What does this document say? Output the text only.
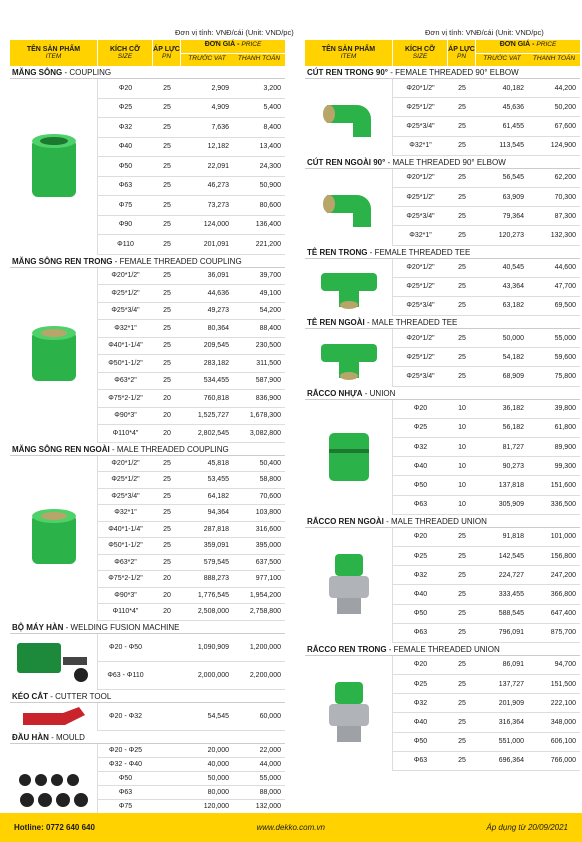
Đơn vị tính: VNĐ/cái (Unit: VND/pc)	Đơn vị tính: VNĐ/cái (Unit: VND/pc)
TÊN SẢN PHẨM
ITEM
KÍCH CỠ
SIZE
ÁP LỰC
PN
ĐƠN GIÁ - PRICE
TRƯỚC VAT	THANH TOÁN
MĂNG SÔNG - COUPLING
Φ20	25	2,909	3,200
Φ25	25	4,909	5,400
Φ32	25	7,636	8,400
Φ40	25	12,182	13,400
Φ50	25	22,091	24,300
Φ63	25	46,273	50,900
Φ75	25	73,273	80,600
Φ90	25	124,000	136,400
Φ110	25	201,091	221,200
MĂNG SÔNG REN TRONG - FEMALE THREADED COUPLING
Φ20*1/2"	25	36,091	39,700
Φ25*1/2"	25	44,636	49,100
Φ25*3/4"	25	49,273	54,200
Φ32*1"	25	80,364	88,400
Φ40*1-1/4"	25	209,545	230,500
Φ50*1-1/2"	25	283,182	311,500
Φ63*2"	25	534,455	587,900
Φ75*2-1/2"	20	760,818	836,900
Φ90*3"	20	1,525,727	1,678,300
Φ110*4"	20	2,802,545	3,082,800
MĂNG SÔNG REN NGOÀI - MALE THREADED COUPLING
Φ20*1/2"	25	45,818	50,400
Φ25*1/2"	25	53,455	58,800
Φ25*3/4"	25	64,182	70,600
Φ32*1"	25	94,364	103,800
Φ40*1-1/4"	25	287,818	316,600
Φ50*1-1/2"	25	359,091	395,000
Φ63*2"	25	579,545	637,500
Φ75*2-1/2"	20	888,273	977,100
Φ90*3"	20	1,776,545	1,954,200
Φ110*4"	20	2,508,000	2,758,800
BỘ MÁY HÀN - WELDING FUSION MACHINE
Φ20 - Φ50	1,090,909	1,200,000
Φ63 - Φ110	2,000,000	2,200,000
KÉO CẮT - CUTTER TOOL
Φ20 - Φ32	54,545	60,000
ĐẦU HÀN - MOULD
Φ20 - Φ25	20,000	22,000
Φ32 - Φ40	40,000	44,000
Φ50	50,000	55,000
Φ63	80,000	88,000
Φ75	120,000	132,000
TÊN SẢN PHẨM
ITEM
KÍCH CỠ
SIZE
ÁP LỰC
PN
ĐƠN GIÁ - PRICE
TRƯỚC VAT	THANH TOÁN
CÚT REN TRONG 90° - FEMALE THREADED 90° ELBOW
Φ20*1/2"	25	40,182	44,200
Φ25*1/2"	25	45,636	50,200
Φ25*3/4"	25	61,455	67,600
Φ32*1"	25	113,545	124,900
CÚT REN NGOÀI 90° - MALE THREADED 90° ELBOW
Φ20*1/2"	25	56,545	62,200
Φ25*1/2"	25	63,909	70,300
Φ25*3/4"	25	79,364	87,300
Φ32*1"	25	120,273	132,300
TÊ REN TRONG - FEMALE THREADED TEE
Φ20*1/2"	25	40,545	44,600
Φ25*1/2"	25	43,364	47,700
Φ25*3/4"	25	63,182	69,500
TÊ REN NGOÀI - MALE THREADED TEE
Φ20*1/2"	25	50,000	55,000
Φ25*1/2"	25	54,182	59,600
Φ25*3/4"	25	68,909	75,800
RẮCCO NHỰA - UNION
Φ20	10	36,182	39,800
Φ25	10	56,182	61,800
Φ32	10	81,727	89,900
Φ40	10	90,273	99,300
Φ50	10	137,818	151,600
Φ63	10	305,909	336,500
RẮCCO REN NGOÀI - MALE THREADED UNION
Φ20	25	91,818	101,000
Φ25	25	142,545	156,800
Φ32	25	224,727	247,200
Φ40	25	333,455	366,800
Φ50	25	588,545	647,400
Φ63	25	796,091	875,700
RẮCCO REN TRONG - FEMALE THREADED UNION
Φ20	25	86,091	94,700
Φ25	25	137,727	151,500
Φ32	25	201,909	222,100
Φ40	25	316,364	348,000
Φ50	25	551,000	606,100
Φ63	25	696,364	766,000
Hotline: 0772 640 640	www.dekko.com.vn	Áp dụng từ 20/09/2021
